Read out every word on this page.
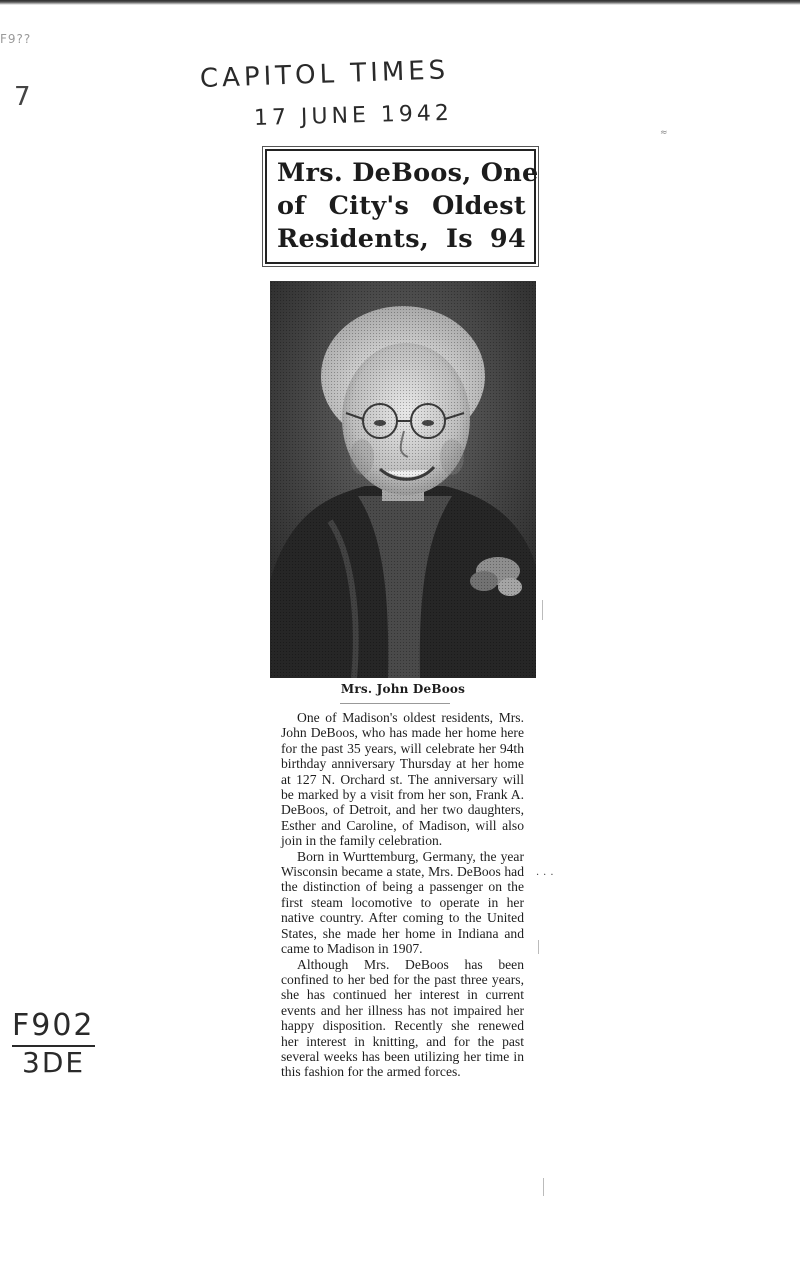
F9??
7
CAPITOL TIMES
17 JUNE 1942
≈
F902
3DE
Mrs. DeBoos, One
of City's Oldest
Residents, Is 94
Mrs. John DeBoos

One of Madison's oldest residents, Mrs. John DeBoos, who has made her home here for the past 35 years, will celebrate her 94th birthday anniversary Thursday at her home at 127 N. Orchard st. The anniversary will be marked by a visit from her son, Frank A. DeBoos, of Detroit, and her two daughters, Esther and Caroline, of Madison, will also join in the family celebration.

Born in Wurttemburg, Germany, the year Wisconsin became a state, Mrs. DeBoos had the distinction of being a passenger on the first steam locomotive to operate in her native country. After coming to the United States, she made her home in Indiana and came to Madison in 1907.

Although Mrs. DeBoos has been confined to her bed for the past three years, she has continued her interest in current events and her illness has not impaired her happy disposition. Recently she renewed her interest in knitting, and for the past several weeks has been utilizing her time in this fashion for the armed forces.

···
